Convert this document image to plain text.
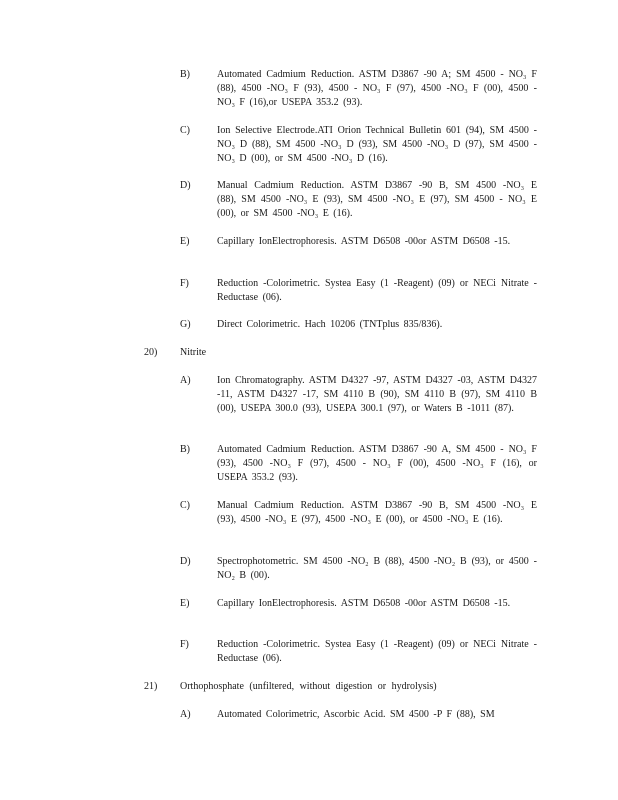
B)	Automated Cadmium Reduction. ASTM D3867 -90 A; SM 4500 - NO₃ F (88), 4500 -NO₃ F (93), 4500 - NO₃ F (97), 4500 -NO₃ F (00), 4500 -NO₃ F (16),or USEPA 353.2 (93).
C)	Ion Selective Electrode.ATI Orion Technical Bulletin 601 (94), SM 4500 -NO₃ D (88), SM 4500 -NO₃ D (93), SM 4500 -NO₃ D (97), SM 4500 -NO₃ D (00), or SM 4500 -NO₃ D (16).
D)	Manual Cadmium Reduction. ASTM D3867 -90 B, SM 4500 -NO₃ E (88), SM 4500 -NO₃ E (93), SM 4500 -NO₃ E (97), SM 4500 - NO₃ E (00), or SM 4500 -NO₃ E (16).
E)	Capillary IonElectrophoresis. ASTM D6508 -00or ASTM D6508 -15.
F)	Reduction -Colorimetric. Systea Easy (1 -Reagent) (09) or NECi Nitrate -Reductase (06).
G)	Direct Colorimetric. Hach 10206 (TNTplus 835/836).
20)	Nitrite
A)	Ion Chromatography. ASTM D4327 -97, ASTM D4327 -03, ASTM D4327 -11, ASTM D4327 -17, SM 4110 B (90), SM 4110 B (97), SM 4110 B (00), USEPA 300.0 (93), USEPA 300.1 (97), or Waters B -1011 (87).
B)	Automated Cadmium Reduction. ASTM D3867 -90 A, SM 4500 - NO₃ F (93), 4500 -NO₃ F (97), 4500 - NO₃ F (00), 4500 -NO₃ F (16), or USEPA 353.2 (93).
C)	Manual Cadmium Reduction. ASTM D3867 -90 B, SM 4500 -NO₃ E (93), 4500 -NO₃ E (97), 4500 -NO₃ E (00), or 4500 -NO₃ E (16).
D)	Spectrophotometric. SM 4500 -NO₂ B (88), 4500 -NO₂ B (93), or 4500 -NO₂ B (00).
E)	Capillary IonElectrophoresis. ASTM D6508 -00or ASTM D6508 -15.
F)	Reduction -Colorimetric. Systea Easy (1 -Reagent) (09) or NECi Nitrate -Reductase (06).
21)	Orthophosphate (unfiltered, without digestion or hydrolysis)
A)	Automated Colorimetric, Ascorbic Acid. SM 4500 -P F (88), SM
